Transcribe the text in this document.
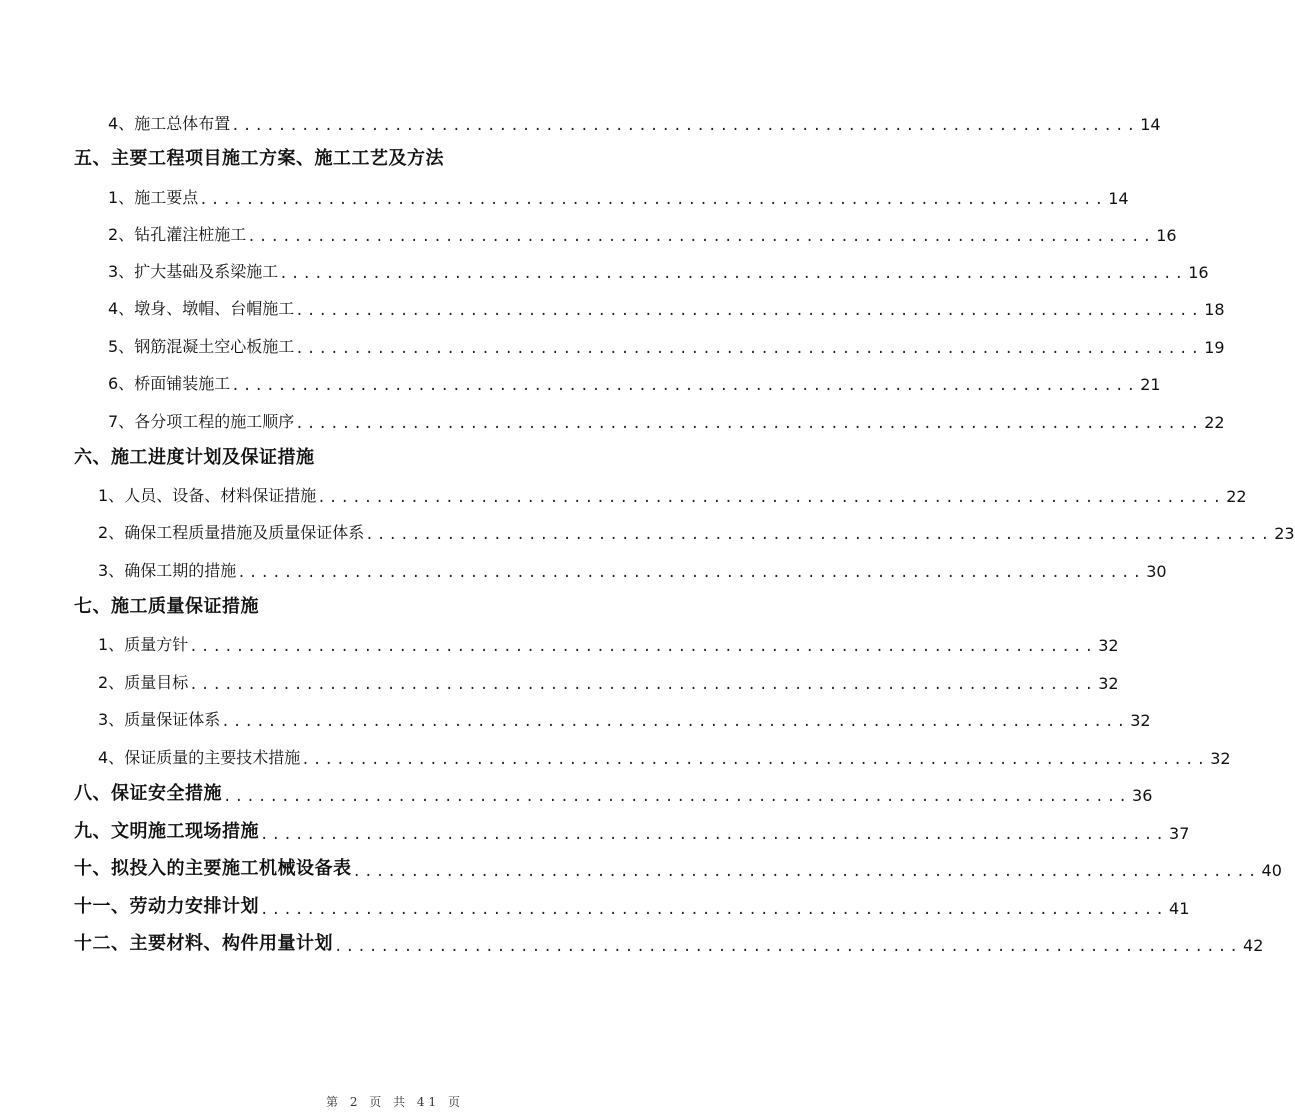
4、施工总体布置 .............................................................................. 14
五、主要工程项目施工方案、施工工艺及方法
1、施工要点 .............................................................................. 14
2、钻孔灌注桩施工 .............................................................................. 16
3、扩大基础及系梁施工 .............................................................................. 16
4、墩身、墩帽、台帽施工 .............................................................................. 18
5、钢筋混凝土空心板施工 .............................................................................. 19
6、桥面铺装施工 .............................................................................. 21
7、各分项工程的施工顺序 .............................................................................. 22
六、施工进度计划及保证措施
1、人员、设备、材料保证措施 .............................................................................. 22
2、确保工程质量措施及质量保证体系 .............................................................................. 23
3、确保工期的措施 .............................................................................. 30
七、施工质量保证措施
1、质量方针 .............................................................................. 32
2、质量目标 .............................................................................. 32
3、质量保证体系 .............................................................................. 32
4、保证质量的主要技术措施 .............................................................................. 32
八、保证安全措施 .............................................................................. 36
九、文明施工现场措施 .............................................................................. 37
十、拟投入的主要施工机械设备表 .............................................................................. 40
十一、劳动力安排计划 .............................................................................. 41
十二、主要材料、构件用量计划 .............................................................................. 42
第 2 页 共 41 页
